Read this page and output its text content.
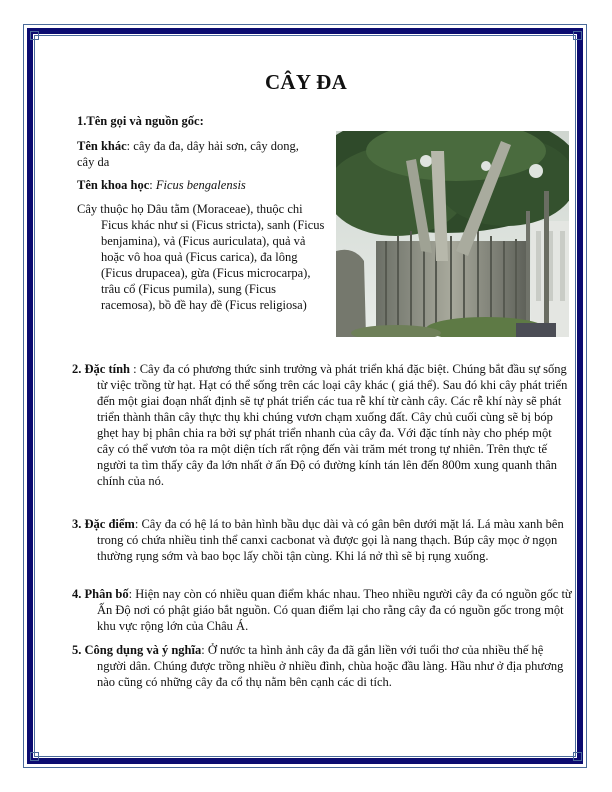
CÂY ĐA
1.Tên gọi và nguồn gốc:
Tên khác: cây đa đa, dây hải sơn, cây dong, cây da
Tên khoa học: Ficus bengalensis
Cây thuộc họ Dâu tằm (Moraceae), thuộc chi Ficus khác như si (Ficus stricta), sanh (Ficus benjamina), vả (Ficus auriculata), quả vả hoặc vô hoa quả (Ficus carica), đa lông (Ficus drupacea), gừa (Ficus microcarpa), trâu cổ (Ficus pumila), sung (Ficus racemosa), bồ đề hay đề (Ficus religiosa)
2. Đặc tính : Cây đa có phương thức sinh trưởng và phát triển khá đặc biệt. Chúng bắt đầu sự sống từ việc trồng từ hạt. Hạt có thể sống trên các loại cây khác ( giá thể). Sau đó khi cây phát triển đến một giai đoạn nhất định sẽ tự phát triển các tua rễ khí từ cành cây. Các rễ khí này sẽ phát triển thành thân cây thực thụ khi chúng vươn chạm xuống đất. Cây chủ cuối cùng sẽ bị bóp ghẹt hay bị phân chia ra bởi sự phát triển nhanh của cây đa. Với đặc tính này cho phép một cây có thể vươn tỏa ra một diện tích rất rộng đến vài trăm mét trong tự nhiên. Trên thực tế người ta tìm thấy cây đa lớn nhất ở ấn Độ có đường kính tán lên đến 800m xung quanh thân chính của nó.
3. Đặc điểm: Cây đa có hệ lá to bản hình bầu dục dài và có gân bên dưới mặt lá. Lá màu xanh bên trong có chứa nhiều tinh thể canxi cacbonat và được gọi là nang thạch. Búp cây mọc ở ngọn thường rụng sớm và bao bọc lấy chồi tận cùng. Khi lá nở thì sẽ bị rụng xuống.
4. Phân bố: Hiện nay còn có nhiều quan điểm khác nhau. Theo nhiều người cây đa có nguồn gốc từ Ấn Độ nơi có phật giáo bắt nguồn. Có quan điểm lại cho rằng cây đa có nguồn gốc trong một khu vực rộng lớn của Châu Á.
5. Công dụng và ý nghĩa: Ở nước ta hình ảnh cây đa đã gắn liền với tuổi thơ của nhiều thế hệ người dân. Chúng được trồng nhiều ở nhiều đình, chùa hoặc đầu làng. Hầu như ở địa phương nào cũng có những cây đa cổ thụ nằm bên cạnh các di tích.
